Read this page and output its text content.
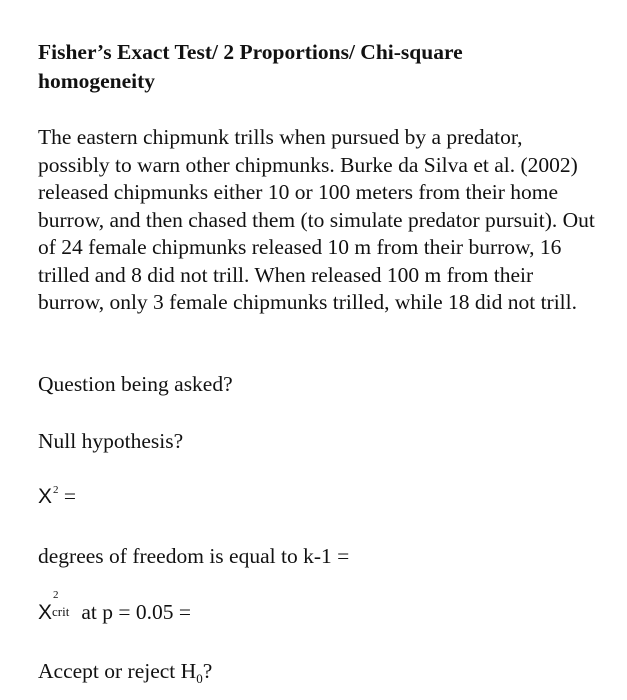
Fisher’s Exact Test/ 2 Proportions/ Chi-square
homogeneity

The eastern chipmunk trills when pursued by a predator, possibly to warn other chipmunks. Burke da Silva et al. (2002) released chipmunks either 10 or 100 meters from their home burrow, and then chased them (to simulate predator pursuit). Out of 24 female chipmunks released 10 m from their burrow, 16 trilled and 8 did not trill. When released 100 m from their burrow, only 3 female chipmunks trilled, while 18 did not trill.

Question being asked?

Null hypothesis?

$X^2$ =

degrees of freedom is equal to k-1 =

X
2
crit at p = 0.05 =

Accept or reject $H_0$?
